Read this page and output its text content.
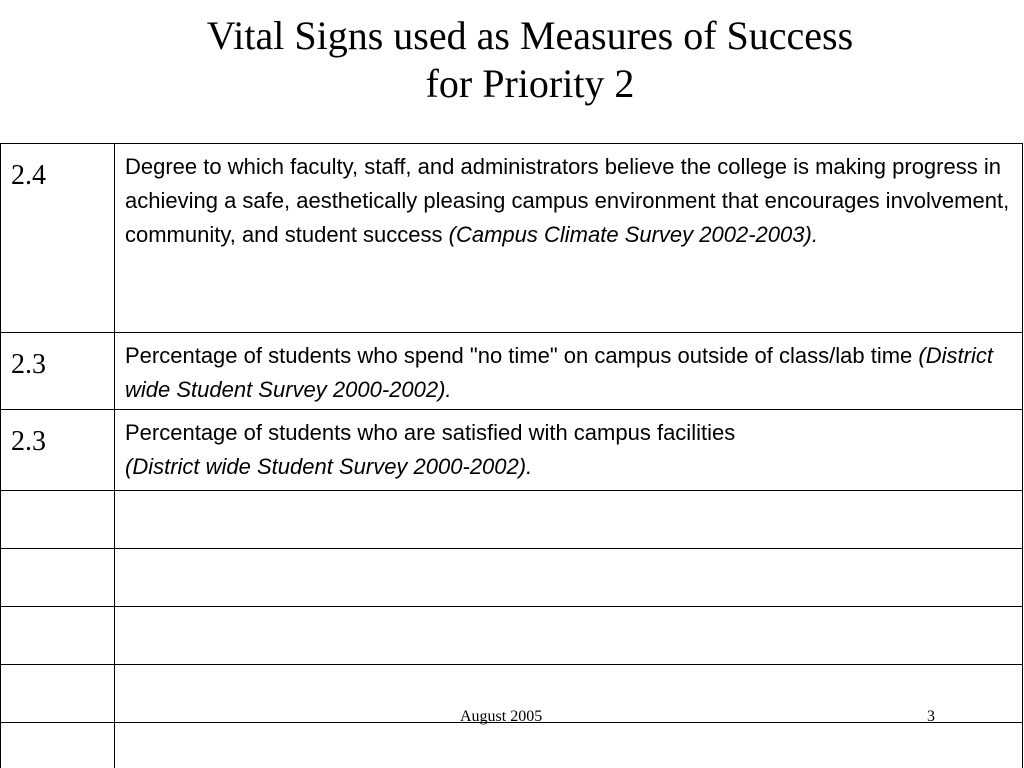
Vital Signs used as Measures of Success
for Priority 2
2.4	Degree to which faculty, staff, and administrators believe the college is making progress in achieving a safe, aesthetically pleasing campus environment that encourages involvement, community, and student success (Campus Climate Survey 2002-2003).
2.3	Percentage of students who spend "no time" on campus outside of class/lab time (District wide Student Survey 2000-2002).
2.3	Percentage of students who are satisfied with campus facilities
(District wide Student Survey 2000-2002).

August 2005	3
